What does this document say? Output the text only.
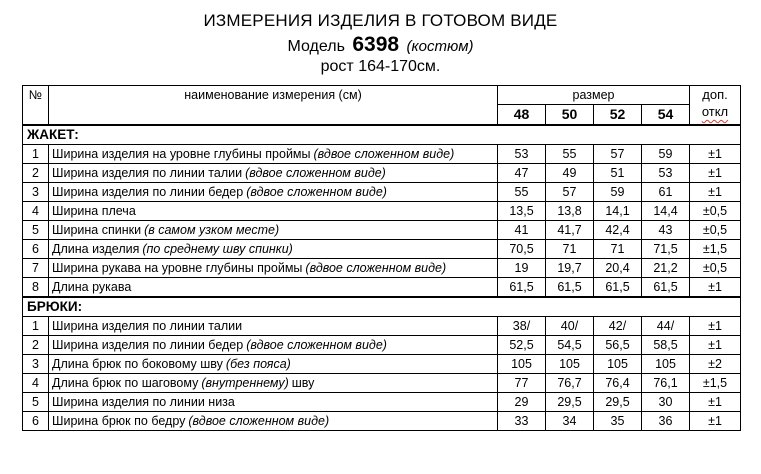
ИЗМЕРЕНИЯ ИЗДЕЛИЯ В ГОТОВОМ ВИДЕ
Модель 6398 (костюм)
рост 164-170см.
№	наименование измерения (см)	размер				доп.
откл
		48	50	52	54	
ЖАКЕТ:						
1	Ширина изделия на уровне глубины проймы (вдвое сложенном виде)	53	55	57	59	±1
2	Ширина изделия по линии талии (вдвое сложенном виде)	47	49	51	53	±1
3	Ширина изделия по линии бедер (вдвое сложенном виде)	55	57	59	61	±1
4	Ширина плеча	13,5	13,8	14,1	14,4	±0,5
5	Ширина спинки (в самом узком месте)	41	41,7	42,4	43	±0,5
6	Длина изделия (по среднему шву спинки)	70,5	71	71	71,5	±1,5
7	Ширина рукава на уровне глубины проймы (вдвое сложенном виде)	19	19,7	20,4	21,2	±0,5
8	Длина рукава	61,5	61,5	61,5	61,5	±1
БРЮКИ:						
1	Ширина изделия по линии талии	38/	40/	42/	44/	±1
2	Ширина изделия по линии бедер (вдвое сложенном виде)	52,5	54,5	56,5	58,5	±1
3	Длина брюк по боковому шву (без пояса)	105	105	105	105	±2
4	Длина брюк по шаговому (внутреннему) шву	77	76,7	76,4	76,1	±1,5
5	Ширина изделия по линии низа	29	29,5	29,5	30	±1
6	Ширина брюк по бедру (вдвое сложенном виде)	33	34	35	36	±1
